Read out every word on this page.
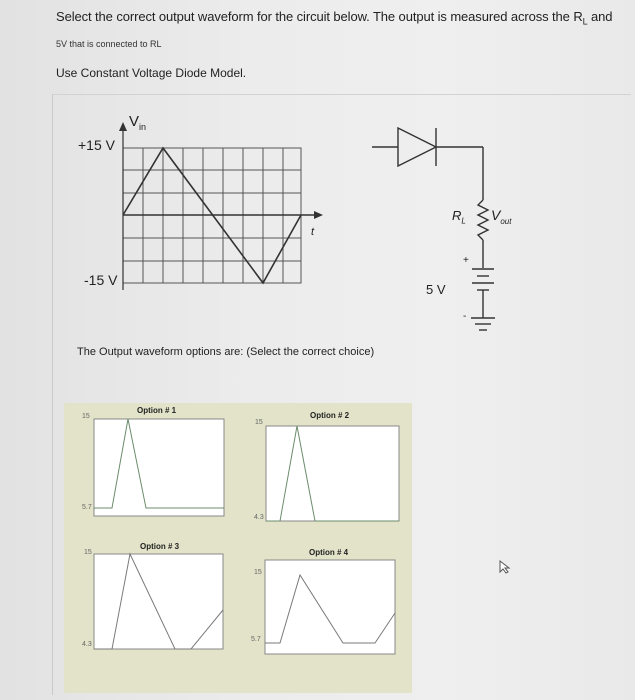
Select the correct output waveform for the circuit below. The output is measured across the $R_L$ and
5V that is connected to RL
Use Constant Voltage Diode Model.
+15 V
-15 V
$V_{in}$
t
$R_L$ $V_{out}$
5 V
+
-
The Output waveform options are: (Select the correct choice)
Option # 1
15
5.7
Option # 2
15
4.3
Option # 3
15
4.3
Option # 4
15
5.7
